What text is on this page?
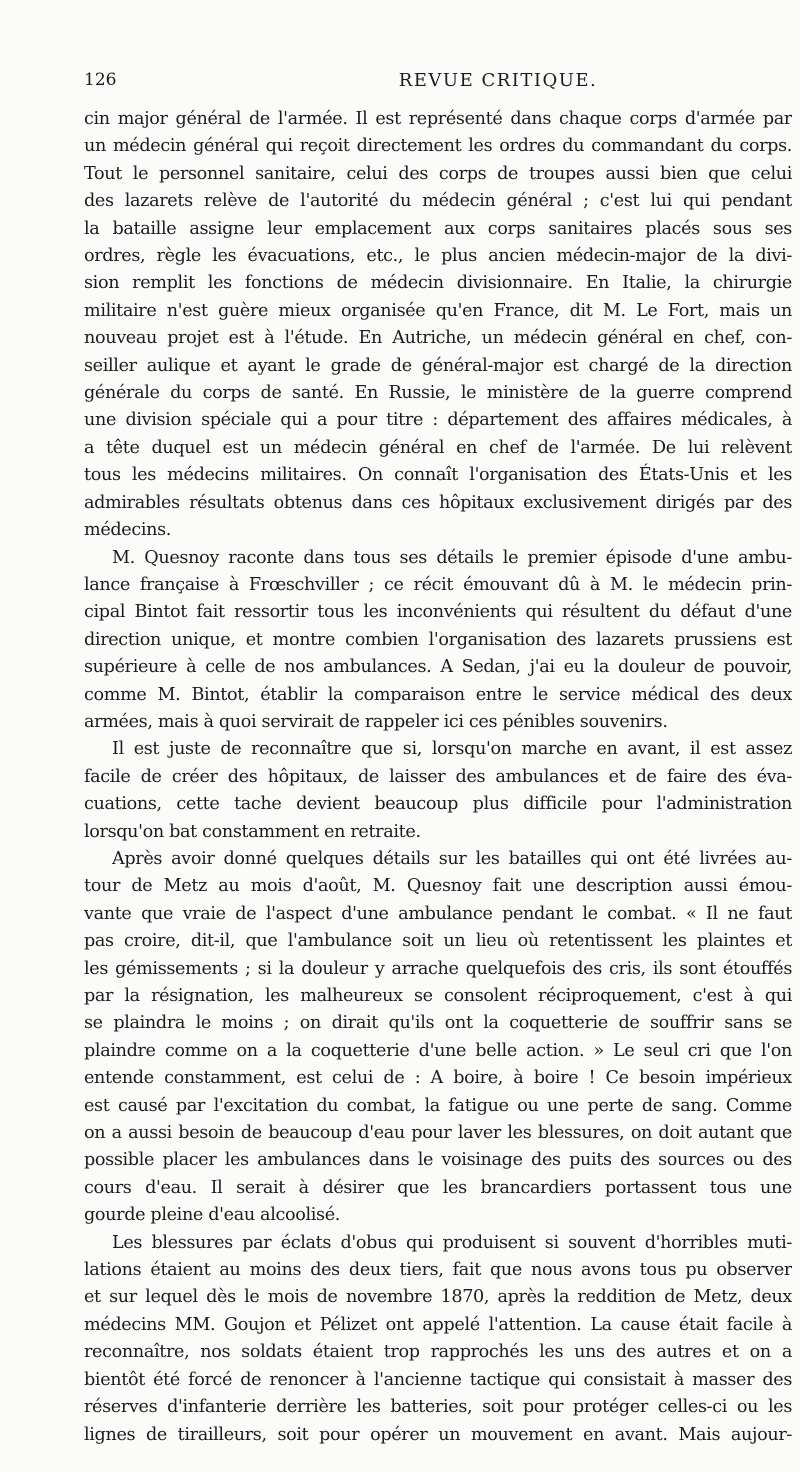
126	REVUE CRITIQUE.
cin major général de l'armée. Il est représenté dans chaque corps d'armée par
un médecin général qui reçoit directement les ordres du commandant du corps.
Tout le personnel sanitaire, celui des corps de troupes aussi bien que celui
des lazarets relève de l'autorité du médecin général ; c'est lui qui pendant
la bataille assigne leur emplacement aux corps sanitaires placés sous ses
ordres, règle les évacuations, etc., le plus ancien médecin-major de la divi-
sion remplit les fonctions de médecin divisionnaire. En Italie, la chirurgie
militaire n'est guère mieux organisée qu'en France, dit M. Le Fort, mais un
nouveau projet est à l'étude. En Autriche, un médecin général en chef, con-
seiller aulique et ayant le grade de général-major est chargé de la direction
générale du corps de santé. En Russie, le ministère de la guerre comprend
une division spéciale qui a pour titre : département des affaires médicales, à
a tête duquel est un médecin général en chef de l'armée. De lui relèvent
tous les médecins militaires. On connaît l'organisation des États-Unis et les
admirables résultats obtenus dans ces hôpitaux exclusivement dirigés par des
médecins.
M. Quesnoy raconte dans tous ses détails le premier épisode d'une ambu-
lance française à Frœschviller ; ce récit émouvant dû à M. le médecin prin-
cipal Bintot fait ressortir tous les inconvénients qui résultent du défaut d'une
direction unique, et montre combien l'organisation des lazarets prussiens est
supérieure à celle de nos ambulances. A Sedan, j'ai eu la douleur de pouvoir,
comme M. Bintot, établir la comparaison entre le service médical des deux
armées, mais à quoi servirait de rappeler ici ces pénibles souvenirs.
Il est juste de reconnaître que si, lorsqu'on marche en avant, il est assez
facile de créer des hôpitaux, de laisser des ambulances et de faire des éva-
cuations, cette tache devient beaucoup plus difficile pour l'administration
lorsqu'on bat constamment en retraite.
Après avoir donné quelques détails sur les batailles qui ont été livrées au-
tour de Metz au mois d'août, M. Quesnoy fait une description aussi émou-
vante que vraie de l'aspect d'une ambulance pendant le combat. « Il ne faut
pas croire, dit-il, que l'ambulance soit un lieu où retentissent les plaintes et
les gémissements ; si la douleur y arrache quelquefois des cris, ils sont étouffés
par la résignation, les malheureux se consolent réciproquement, c'est à qui
se plaindra le moins ; on dirait qu'ils ont la coquetterie de souffrir sans se
plaindre comme on a la coquetterie d'une belle action. » Le seul cri que l'on
entende constamment, est celui de : A boire, à boire ! Ce besoin impérieux
est causé par l'excitation du combat, la fatigue ou une perte de sang. Comme
on a aussi besoin de beaucoup d'eau pour laver les blessures, on doit autant que
possible placer les ambulances dans le voisinage des puits des sources ou des
cours d'eau. Il serait à désirer que les brancardiers portassent tous une
gourde pleine d'eau alcoolisé.
Les blessures par éclats d'obus qui produisent si souvent d'horribles muti-
lations étaient au moins des deux tiers, fait que nous avons tous pu observer
et sur lequel dès le mois de novembre 1870, après la reddition de Metz, deux
médecins MM. Goujon et Pélizet ont appelé l'attention. La cause était facile à
reconnaître, nos soldats étaient trop rapprochés les uns des autres et on a
bientôt été forcé de renoncer à l'ancienne tactique qui consistait à masser des
réserves d'infanterie derrière les batteries, soit pour protéger celles-ci ou les
lignes de tirailleurs, soit pour opérer un mouvement en avant. Mais aujour-
